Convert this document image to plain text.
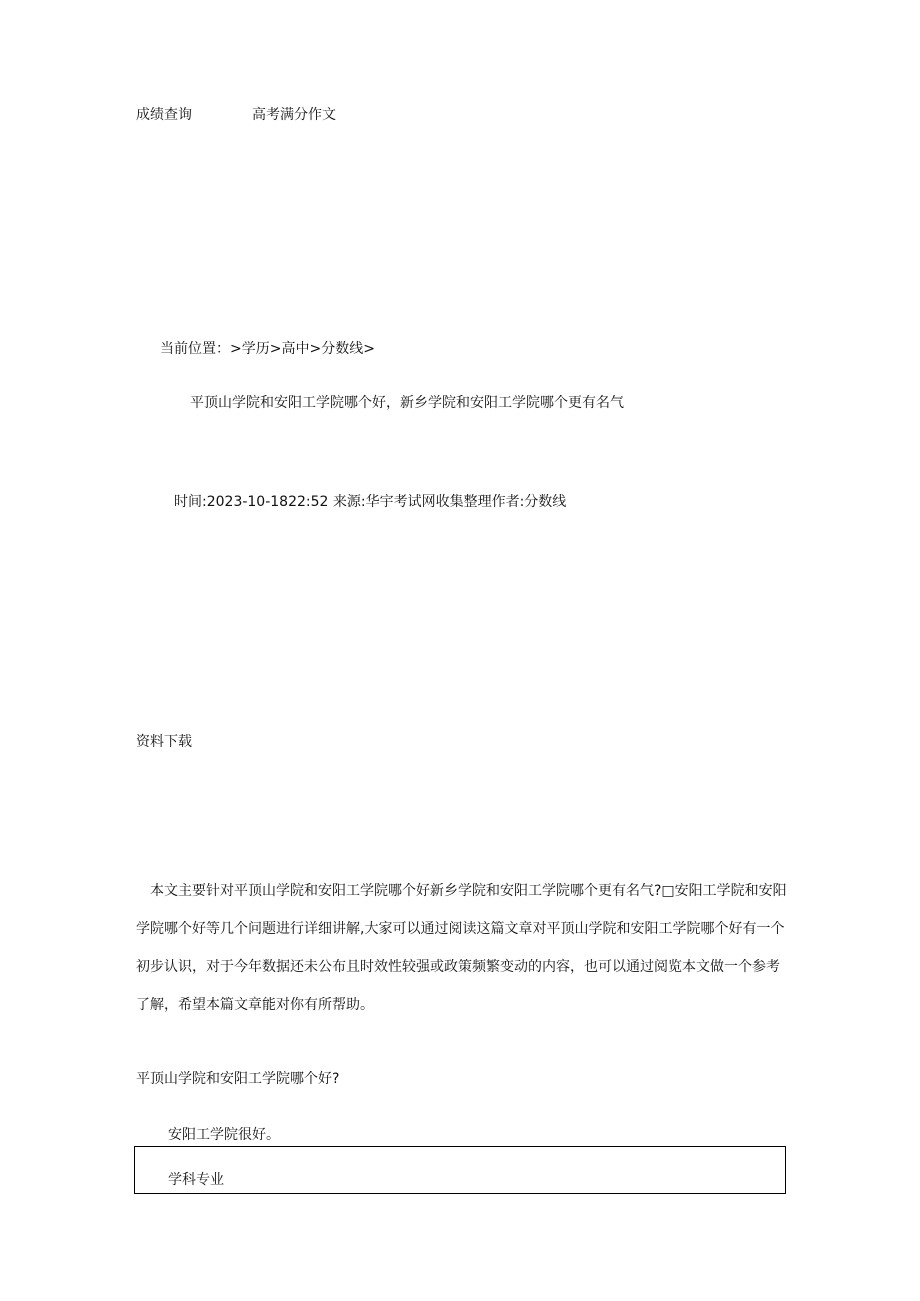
成绩查询	高考满分作文
当前位置：>学历>高中>分数线>
平顶山学院和安阳工学院哪个好，新乡学院和安阳工学院哪个更有名气
时间:2023-10-1822:52 来源:华宇考试网收集整理作者:分数线
资料下载

本文主要针对平顶山学院和安阳工学院哪个好新乡学院和安阳工学院哪个更有名气?□安阳工学院和安阳学院哪个好等几个问题进行详细讲解,大家可以通过阅读这篇文章对平顶山学院和安阳工学院哪个好有一个初步认识，对于今年数据还未公布且时效性较强或政策频繁变动的内容，也可以通过阅览本文做一个参考了解，希望本篇文章能对你有所帮助。

平顶山学院和安阳工学院哪个好?
安阳工学院很好。
学科专业
